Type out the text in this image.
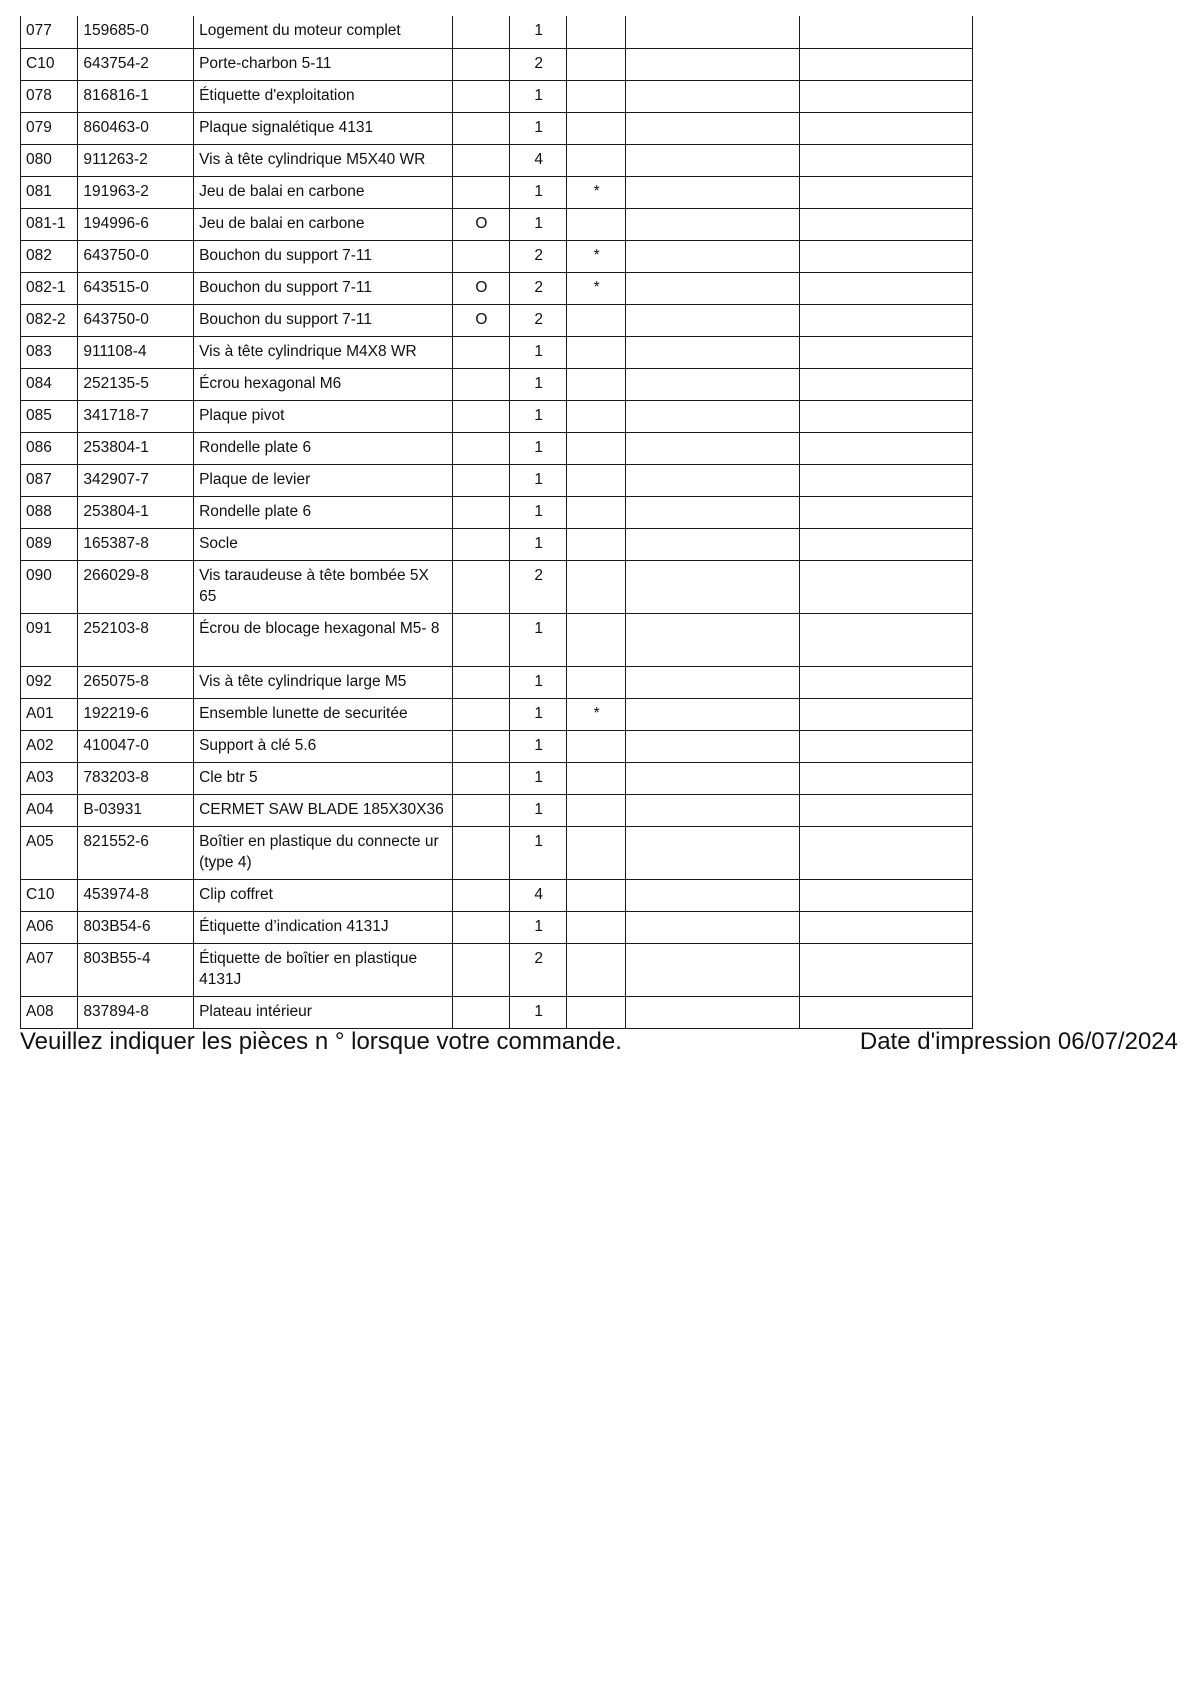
077	159685-0	Logement du moteur complet		1			
C10	643754-2	Porte-charbon 5-11		2			
078	816816-1	Étiquette d'exploitation		1			
079	860463-0	Plaque signalétique 4131		1			
080	911263-2	Vis à tête cylindrique M5X40 WR		4			
081	191963-2	Jeu de balai en carbone		1	*		
081-1	194996-6	Jeu de balai en carbone	O	1			
082	643750-0	Bouchon du support 7-11		2	*		
082-1	643515-0	Bouchon du support 7-11	O	2	*		
082-2	643750-0	Bouchon du support 7-11	O	2			
083	911108-4	Vis à tête cylindrique M4X8 WR		1			
084	252135-5	Écrou hexagonal M6		1			
085	341718-7	Plaque pivot		1			
086	253804-1	Rondelle plate 6		1			
087	342907-7	Plaque de levier		1			
088	253804-1	Rondelle plate 6		1			
089	165387-8	Socle		1			
090	266029-8	Vis taraudeuse à tête bombée 5X 65		2			
091	252103-8	Écrou de blocage hexagonal M5- 8		1			
092	265075-8	Vis à tête cylindrique large M5		1			
A01	192219-6	Ensemble lunette de securitée		1	*		
A02	410047-0	Support à clé 5.6		1			
A03	783203-8	Cle btr 5		1			
A04	B-03931	CERMET SAW BLADE 185X30X36		1			
A05	821552-6	Boîtier en plastique du connecte ur (type 4)		1			
C10	453974-8	Clip coffret		4			
A06	803B54-6	Étiquette d’indication 4131J		1			
A07	803B55-4	Étiquette de boîtier en plastique 4131J		2			
A08	837894-8	Plateau intérieur		1			
Veuillez indiquer les pièces n ° lorsque votre commande.	Date d'impression 06/07/2024
